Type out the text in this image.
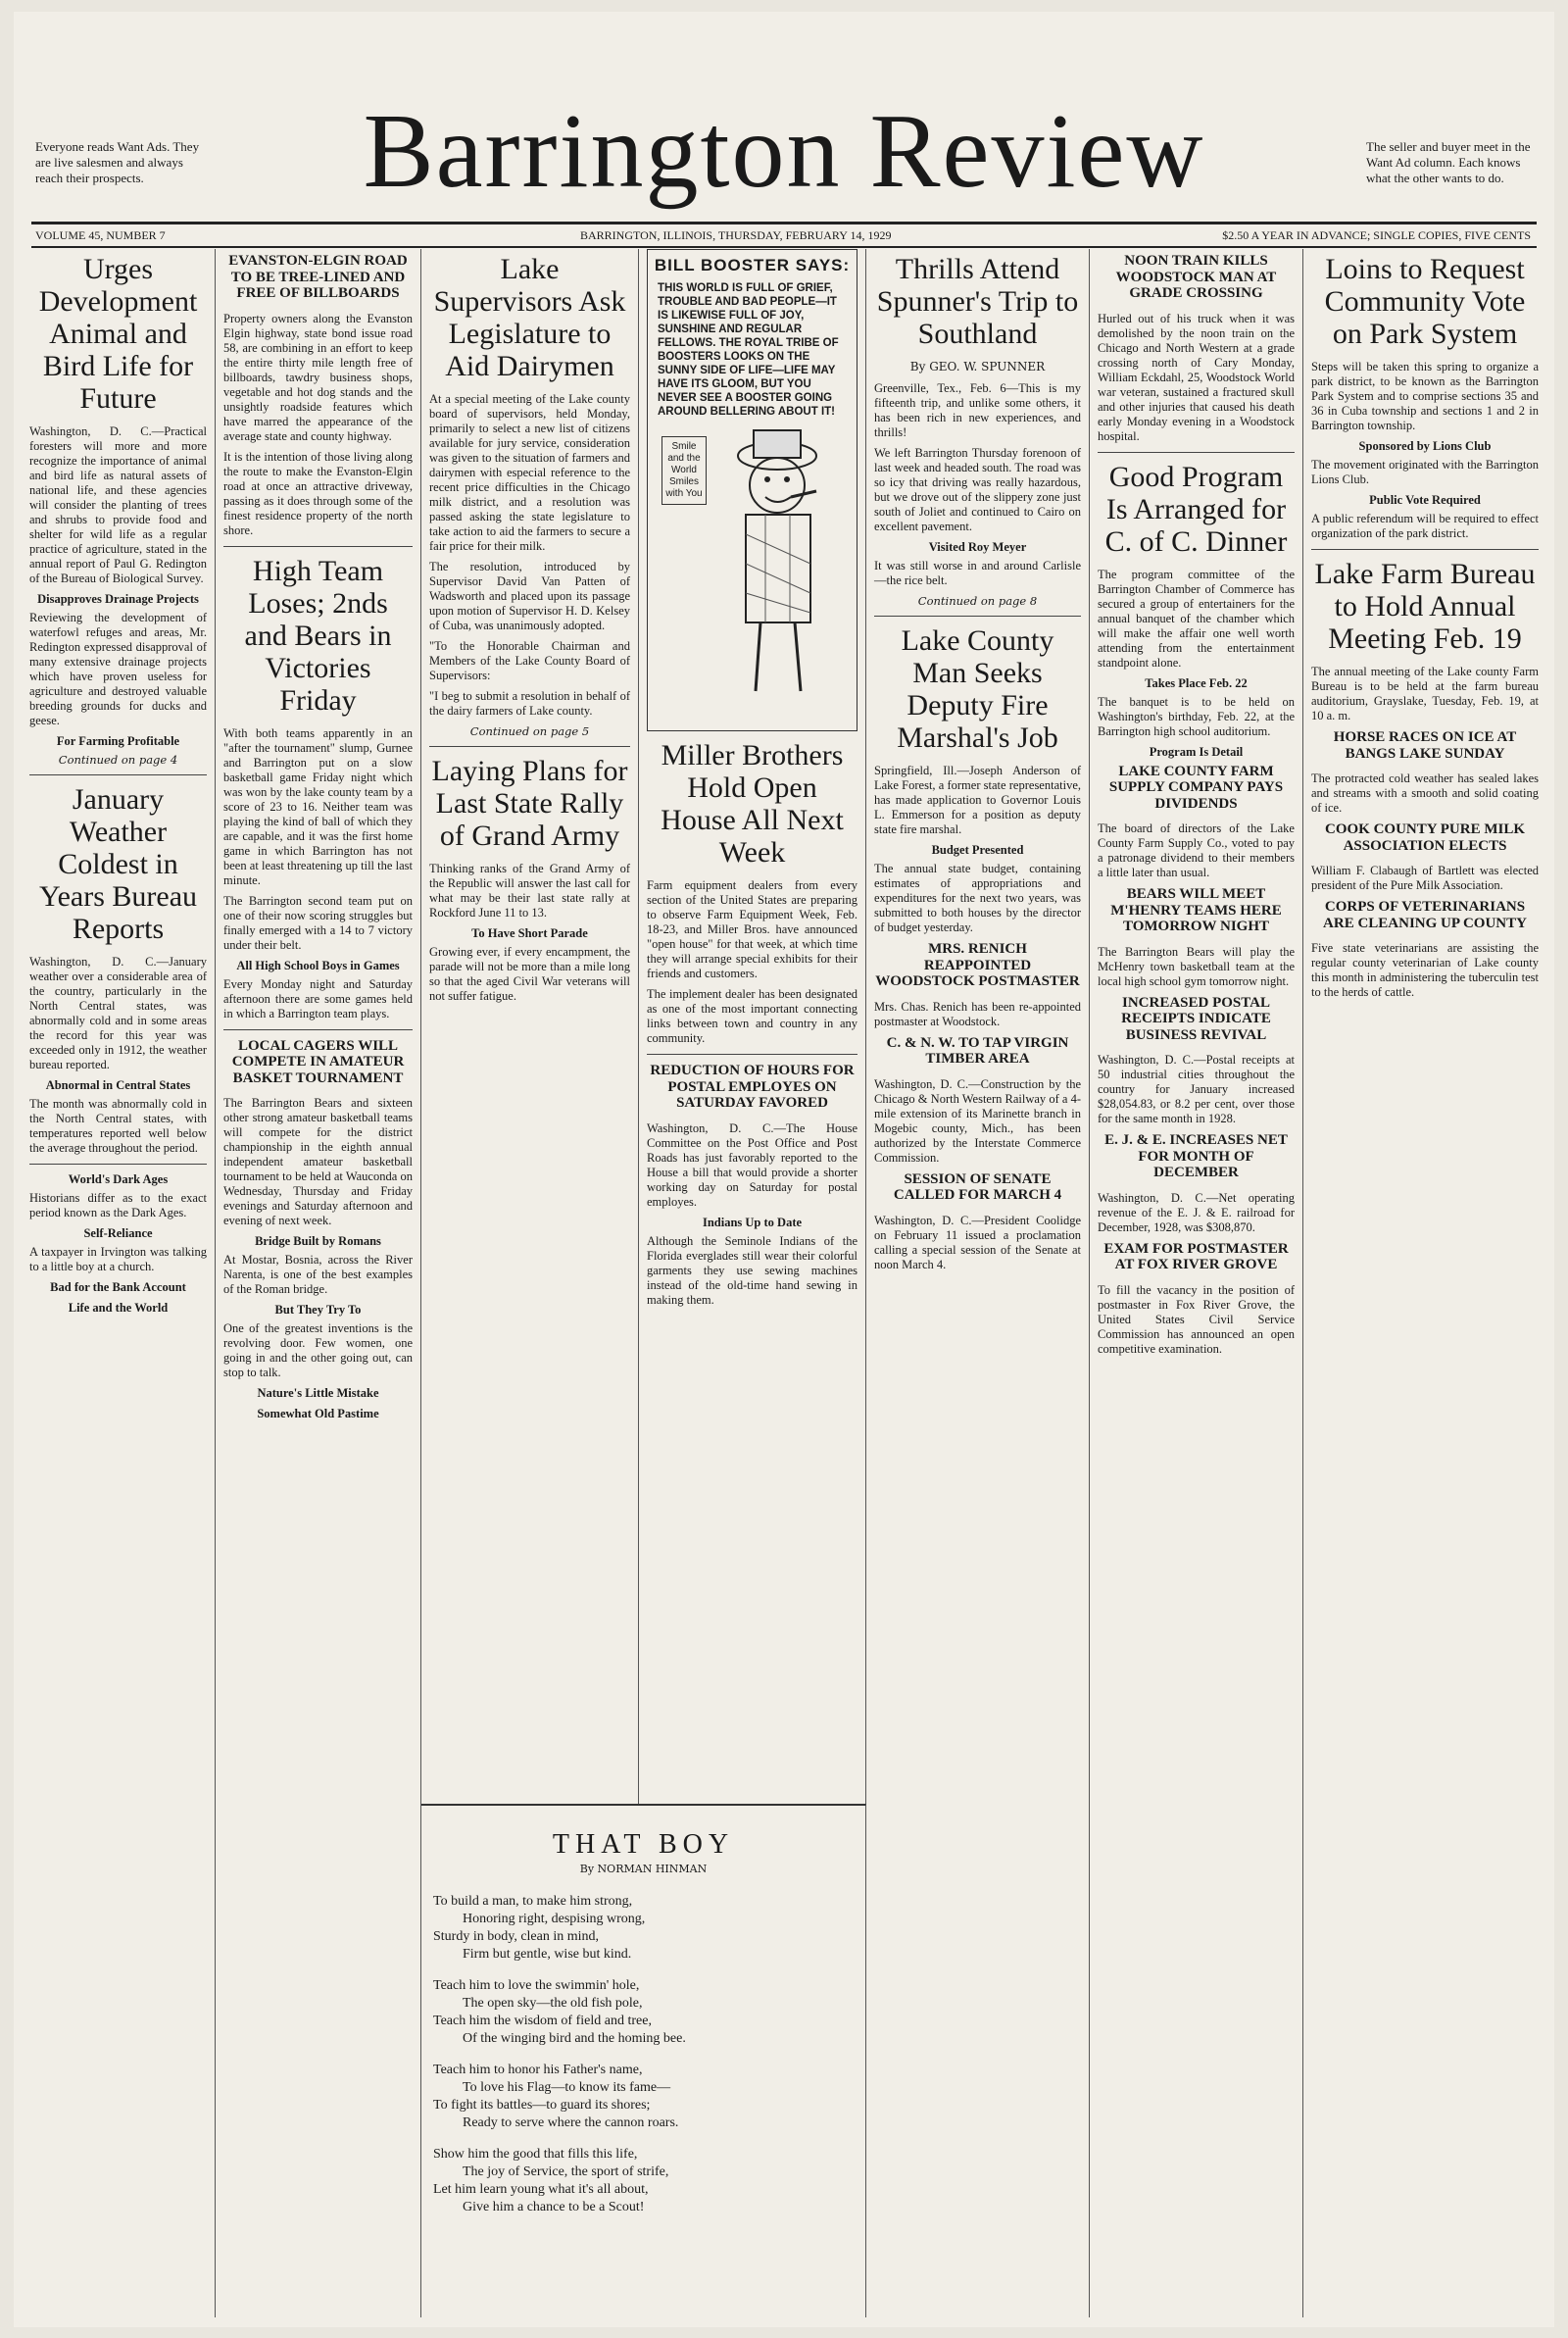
Everyone reads Want Ads. They are live salesmen and always reach their prospects.	Barrington Review	The seller and buyer meet in the Want Ad column. Each knows what the other wants to do.
VOLUME 45, NUMBER 7	BARRINGTON, ILLINOIS, THURSDAY, FEBRUARY 14, 1929	$2.50 A YEAR IN ADVANCE; SINGLE COPIES, FIVE CENTS
Urges Development Animal and Bird Life for Future

Washington, D. C.—Practical foresters will more and more recognize the importance of animal and bird life as natural assets of national life, and these agencies will consider the planting of trees and shrubs to provide food and shelter for wild life as a regular practice of agriculture, stated in the annual report of Paul G. Redington of the Bureau of Biological Survey.

Disapproves Drainage Projects

Reviewing the development of waterfowl refuges and areas, Mr. Redington expressed disapproval of many extensive drainage projects which have proven useless for agriculture and destroyed valuable breeding grounds for ducks and geese.

For Farming Profitable
Continued on page 4
January Weather Coldest in Years Bureau Reports

Washington, D. C.—January weather over a considerable area of the country, particularly in the North Central states, was abnormally cold and in some areas the record for this year was exceeded only in 1912, the weather bureau reported.

Abnormal in Central States

The month was abnormally cold in the North Central states, with temperatures reported well below the average throughout the period.

World's Dark Ages

Historians differ as to the exact period known as the Dark Ages.

Self-Reliance

A taxpayer in Irvington was talking to a little boy at a church.

Bad for the Bank Account
Life and the World
EVANSTON-ELGIN ROAD TO BE TREE-LINED AND FREE OF BILLBOARDS

Property owners along the Evanston Elgin highway, state bond issue road 58, are combining in an effort to keep the entire thirty mile length free of billboards, tawdry business shops, vegetable and hot dog stands and the unsightly roadside features which have marred the appearance of the average state and county highway.

It is the intention of those living along the route to make the Evanston-Elgin road at once an attractive driveway, passing as it does through some of the finest residence property of the north shore.

High Team Loses; 2nds and Bears in Victories Friday

With both teams apparently in an "after the tournament" slump, Gurnee and Barrington put on a slow basketball game Friday night which was won by the lake county team by a score of 23 to 16. Neither team was playing the kind of ball of which they are capable, and it was the first home game in which Barrington has not been at least threatening up till the last minute.

The Barrington second team put on one of their now scoring struggles but finally emerged with a 14 to 7 victory under their belt.

All High School Boys in Games

Every Monday night and Saturday afternoon there are some games held in which a Barrington team plays.

LOCAL CAGERS WILL COMPETE IN AMATEUR BASKET TOURNAMENT

The Barrington Bears and sixteen other strong amateur basketball teams will compete for the district championship in the eighth annual independent amateur basketball tournament to be held at Wauconda on Wednesday, Thursday and Friday evenings and Saturday afternoon and evening of next week.

Bridge Built by Romans

At Mostar, Bosnia, across the River Narenta, is one of the best examples of the Roman bridge.

But They Try To

One of the greatest inventions is the revolving door. Few women, one going in and the other going out, can stop to talk.

Nature's Little Mistake
Somewhat Old Pastime
Lake Supervisors Ask Legislature to Aid Dairymen

At a special meeting of the Lake county board of supervisors, held Monday, primarily to select a new list of citizens available for jury service, consideration was given to the situation of farmers and dairymen with especial reference to the recent price difficulties in the Chicago milk district, and a resolution was passed asking the state legislature to take action to aid the farmers to secure a fair price for their milk.

The resolution, introduced by Supervisor David Van Patten of Wadsworth and placed upon its passage upon motion of Supervisor H. D. Kelsey of Cuba, was unanimously adopted.

"To the Honorable Chairman and Members of the Lake County Board of Supervisors:

"I beg to submit a resolution in behalf of the dairy farmers of Lake county.

Continued on page 5
Laying Plans for Last State Rally of Grand Army

Thinking ranks of the Grand Army of the Republic will answer the last call for what may be their last state rally at Rockford June 11 to 13.

To Have Short Parade

Growing ever, if every encampment, the parade will not be more than a mile long so that the aged Civil War veterans will not suffer fatigue.

BILL BOOSTER SAYS:
THIS WORLD IS FULL OF GRIEF, TROUBLE AND BAD PEOPLE—IT IS LIKEWISE FULL OF JOY, SUNSHINE AND REGULAR FELLOWS. THE ROYAL TRIBE OF BOOSTERS LOOKS ON THE SUNNY SIDE OF LIFE—LIFE MAY HAVE ITS GLOOM, BUT YOU NEVER SEE A BOOSTER GOING AROUND BELLERING ABOUT IT!
Smile and the World Smiles with You
Miller Brothers Hold Open House All Next Week

Farm equipment dealers from every section of the United States are preparing to observe Farm Equipment Week, Feb. 18-23, and Miller Bros. have announced "open house" for that week, at which time they will arrange special exhibits for their friends and customers.

The implement dealer has been designated as one of the most important connecting links between town and country in any community.

REDUCTION OF HOURS FOR POSTAL EMPLOYES ON SATURDAY FAVORED

Washington, D. C.—The House Committee on the Post Office and Post Roads has just favorably reported to the House a bill that would provide a shorter working day on Saturday for postal employes.

Indians Up to Date

Although the Seminole Indians of the Florida everglades still wear their colorful garments they use sewing machines instead of the old-time hand sewing in making them.

Thrills Attend Spunner's Trip to Southland
By GEO. W. SPUNNER

Greenville, Tex., Feb. 6—This is my fifteenth trip, and unlike some others, it has been rich in new experiences, and thrills!

We left Barrington Thursday forenoon of last week and headed south. The road was so icy that driving was really hazardous, but we drove out of the slippery zone just south of Joliet and continued to Cairo on excellent pavement.

Visited Roy Meyer

It was still worse in and around Carlisle—the rice belt.

Continued on page 8
Lake County Man Seeks Deputy Fire Marshal's Job

Springfield, Ill.—Joseph Anderson of Lake Forest, a former state representative, has made application to Governor Louis L. Emmerson for a position as deputy state fire marshal.

Budget Presented

The annual state budget, containing estimates of appropriations and expenditures for the next two years, was submitted to both houses by the director of budget yesterday.

MRS. RENICH REAPPOINTED WOODSTOCK POSTMASTER

Mrs. Chas. Renich has been re-appointed postmaster at Woodstock.

C. & N. W. TO TAP VIRGIN TIMBER AREA

Washington, D. C.—Construction by the Chicago & North Western Railway of a 4-mile extension of its Marinette branch in Mogebic county, Mich., has been authorized by the Interstate Commerce Commission.

SESSION OF SENATE CALLED FOR MARCH 4

Washington, D. C.—President Coolidge on February 11 issued a proclamation calling a special session of the Senate at noon March 4.

NOON TRAIN KILLS WOODSTOCK MAN AT GRADE CROSSING

Hurled out of his truck when it was demolished by the noon train on the Chicago and North Western at a grade crossing north of Cary Monday, William Eckdahl, 25, Woodstock World war veteran, sustained a fractured skull and other injuries that caused his death early Monday evening in a Woodstock hospital.

Good Program Is Arranged for C. of C. Dinner

The program committee of the Barrington Chamber of Commerce has secured a group of entertainers for the annual banquet of the chamber which will make the affair one well worth attending from the entertainment standpoint alone.

Takes Place Feb. 22

The banquet is to be held on Washington's birthday, Feb. 22, at the Barrington high school auditorium.

Program Is Detail
LAKE COUNTY FARM SUPPLY COMPANY PAYS DIVIDENDS

The board of directors of the Lake County Farm Supply Co., voted to pay a patronage dividend to their members a little later than usual.

BEARS WILL MEET M'HENRY TEAMS HERE TOMORROW NIGHT

The Barrington Bears will play the McHenry town basketball team at the local high school gym tomorrow night.

INCREASED POSTAL RECEIPTS INDICATE BUSINESS REVIVAL

Washington, D. C.—Postal receipts at 50 industrial cities throughout the country for January increased $28,054.83, or 8.2 per cent, over those for the same month in 1928.

E. J. & E. INCREASES NET FOR MONTH OF DECEMBER

Washington, D. C.—Net operating revenue of the E. J. & E. railroad for December, 1928, was $308,870.

EXAM FOR POSTMASTER AT FOX RIVER GROVE

To fill the vacancy in the position of postmaster in Fox River Grove, the United States Civil Service Commission has announced an open competitive examination.

Loins to Request Community Vote on Park System

Steps will be taken this spring to organize a park district, to be known as the Barrington Park System and to comprise sections 35 and 36 in Cuba township and sections 1 and 2 in Barrington township.

Sponsored by Lions Club

The movement originated with the Barrington Lions Club.

Public Vote Required

A public referendum will be required to effect organization of the park district.

Lake Farm Bureau to Hold Annual Meeting Feb. 19

The annual meeting of the Lake county Farm Bureau is to be held at the farm bureau auditorium, Grayslake, Tuesday, Feb. 19, at 10 a. m.

HORSE RACES ON ICE AT BANGS LAKE SUNDAY

The protracted cold weather has sealed lakes and streams with a smooth and solid coating of ice.

COOK COUNTY PURE MILK ASSOCIATION ELECTS

William F. Clabaugh of Bartlett was elected president of the Pure Milk Association.

CORPS OF VETERINARIANS ARE CLEANING UP COUNTY

Five state veterinarians are assisting the regular county veterinarian of Lake county this month in administering the tuberculin test to the herds of cattle.

THAT BOY
By NORMAN HINMAN
To build a man, to make him strong,
Honoring right, despising wrong,
Sturdy in body, clean in mind,
Firm but gentle, wise but kind.
Teach him to love the swimmin' hole,
The open sky—the old fish pole,
Teach him the wisdom of field and tree,
Of the winging bird and the homing bee.
Teach him to honor his Father's name,
To love his Flag—to know its fame—
To fight its battles—to guard its shores;
Ready to serve where the cannon roars.
Show him the good that fills this life,
The joy of Service, the sport of strife,
Let him learn young what it's all about,
Give him a chance to be a Scout!
